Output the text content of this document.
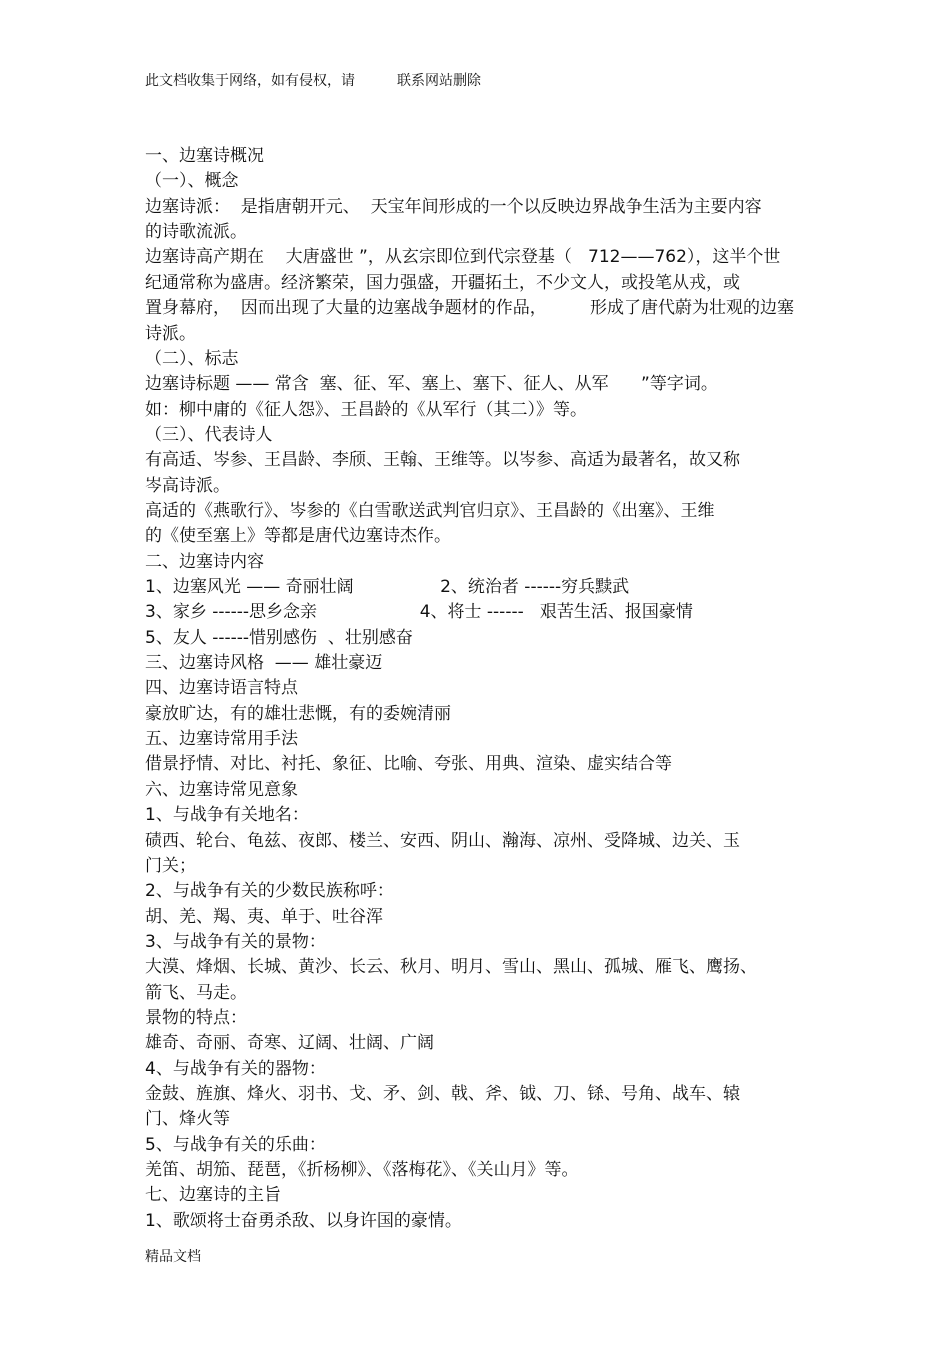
此文档收集于网络，如有侵权，请　　　联系网站删除
一、边塞诗概况
（一）、概念
边塞诗派：  是指唐朝开元、  天宝年间形成的一个以反映边界战争生活为主要内容
的诗歌流派。
边塞诗高产期在    大唐盛世 ”，从玄宗即位到代宗登基（   712——762），这半个世
纪通常称为盛唐。经济繁荣，国力强盛，开疆拓土，不少文人，或投笔从戎，或
置身幕府，  因而出现了大量的边塞战争题材的作品，        形成了唐代蔚为壮观的边塞
诗派。
（二）、标志
边塞诗标题 —— 常含  塞、征、军、塞上、塞下、征人、从军      ”等字词。
如：柳中庸的《征人怨》、王昌龄的《从军行（其二）》等。
（三）、代表诗人
有高适、岑参、王昌龄、李颀、王翰、王维等。以岑参、高适为最著名，故又称
岑高诗派。
高适的《燕歌行》、岑参的《白雪歌送武判官归京》、王昌龄的《出塞》、王维
的《使至塞上》等都是唐代边塞诗杰作。
二、边塞诗内容
1、边塞风光 —— 奇丽壮阔                2、统治者 ------穷兵黩武
3、家乡 ------思乡念亲                   4、将士 ------   艰苦生活、报国豪情
5、友人 ------惜别感伤  、壮别感奋
三、边塞诗风格  —— 雄壮豪迈
四、边塞诗语言特点
豪放旷达，有的雄壮悲慨，有的委婉清丽
五、边塞诗常用手法
借景抒情、对比、衬托、象征、比喻、夸张、用典、渲染、虚实结合等
六、边塞诗常见意象
1、与战争有关地名：
碛西、轮台、龟兹、夜郎、楼兰、安西、阴山、瀚海、凉州、受降城、边关、玉
门关；
2、与战争有关的少数民族称呼：
胡、羌、羯、夷、单于、吐谷浑
3、与战争有关的景物：
大漠、烽烟、长城、黄沙、长云、秋月、明月、雪山、黑山、孤城、雁飞、鹰扬、
箭飞、马走。
景物的特点：
雄奇、奇丽、奇寒、辽阔、壮阔、广阔
4、与战争有关的器物：
金鼓、旌旗、烽火、羽书、戈、矛、剑、戟、斧、钺、刀、铩、号角、战车、辕
门、烽火等
5、与战争有关的乐曲：
羌笛、胡笳、琵琶，《折杨柳》、《落梅花》、《关山月》等。
七、边塞诗的主旨
1、歌颂将士奋勇杀敌、以身许国的豪情。
精品文档
